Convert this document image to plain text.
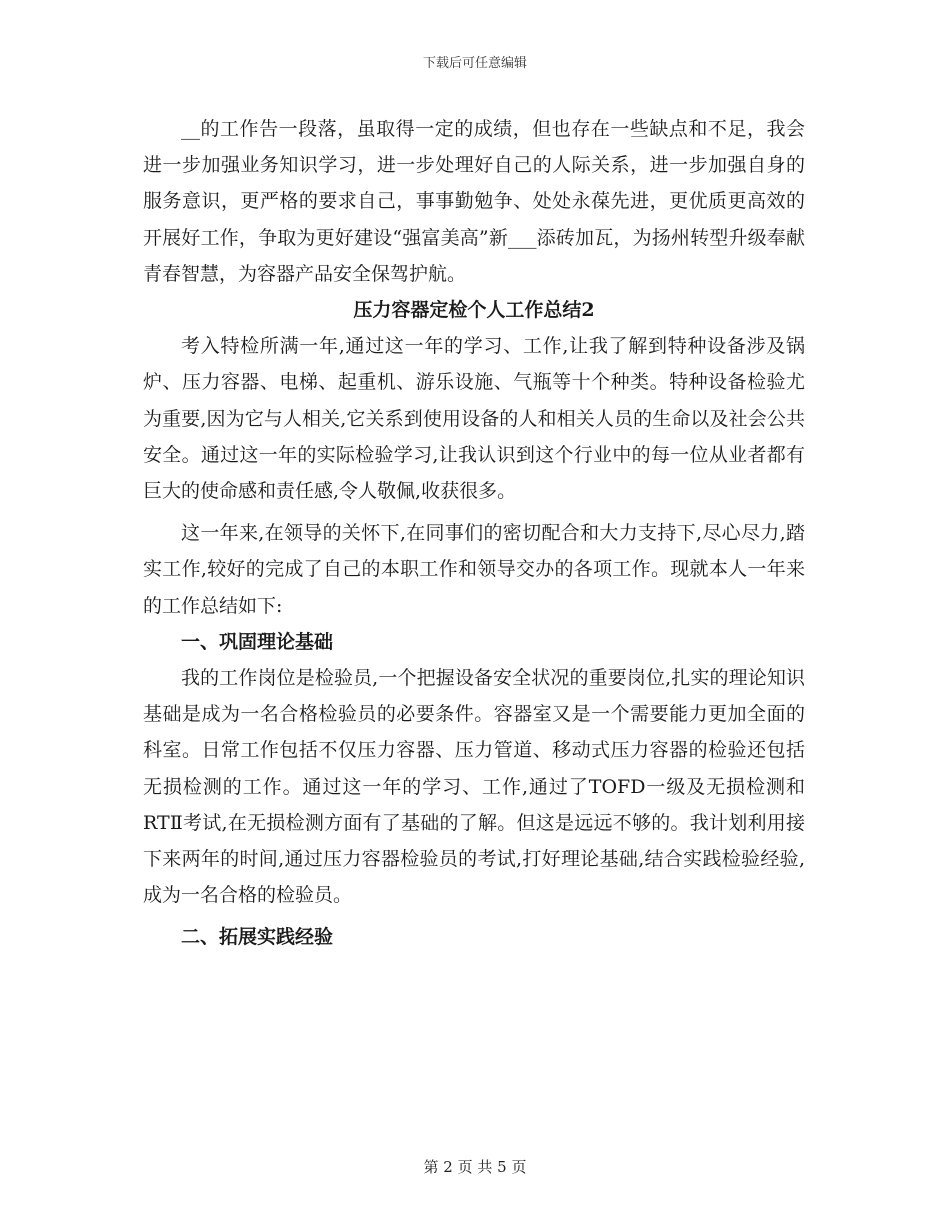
下载后可任意编辑

__的工作告一段落，虽取得一定的成绩，但也存在一些缺点和不足，我会进一步加强业务知识学习，进一步处理好自己的人际关系，进一步加强自身的服务意识，更严格的要求自己，事事勤勉争、处处永葆先进，更优质更高效的开展好工作，争取为更好建设“强富美高”新___添砖加瓦，为扬州转型升级奉献青春智慧，为容器产品安全保驾护航。

压力容器定检个人工作总结2

考入特检所满一年,通过这一年的学习、工作,让我了解到特种设备涉及锅炉、压力容器、电梯、起重机、游乐设施、气瓶等十个种类。特种设备检验尤为重要,因为它与人相关,它关系到使用设备的人和相关人员的生命以及社会公共安全。通过这一年的实际检验学习,让我认识到这个行业中的每一位从业者都有巨大的使命感和责任感,令人敬佩,收获很多。

这一年来,在领导的关怀下,在同事们的密切配合和大力支持下,尽心尽力,踏实工作,较好的完成了自己的本职工作和领导交办的各项工作。现就本人一年来的工作总结如下:

一、巩固理论基础

我的工作岗位是检验员,一个把握设备安全状况的重要岗位,扎实的理论知识基础是成为一名合格检验员的必要条件。容器室又是一个需要能力更加全面的科室。日常工作包括不仅压力容器、压力管道、移动式压力容器的检验还包括无损检测的工作。通过这一年的学习、工作,通过了TOFD一级及无损检测和RTⅡ考试,在无损检测方面有了基础的了解。但这是远远不够的。我计划利用接下来两年的时间,通过压力容器检验员的考试,打好理论基础,结合实践检验经验,成为一名合格的检验员。

二、拓展实践经验

第 2 页 共 5 页
